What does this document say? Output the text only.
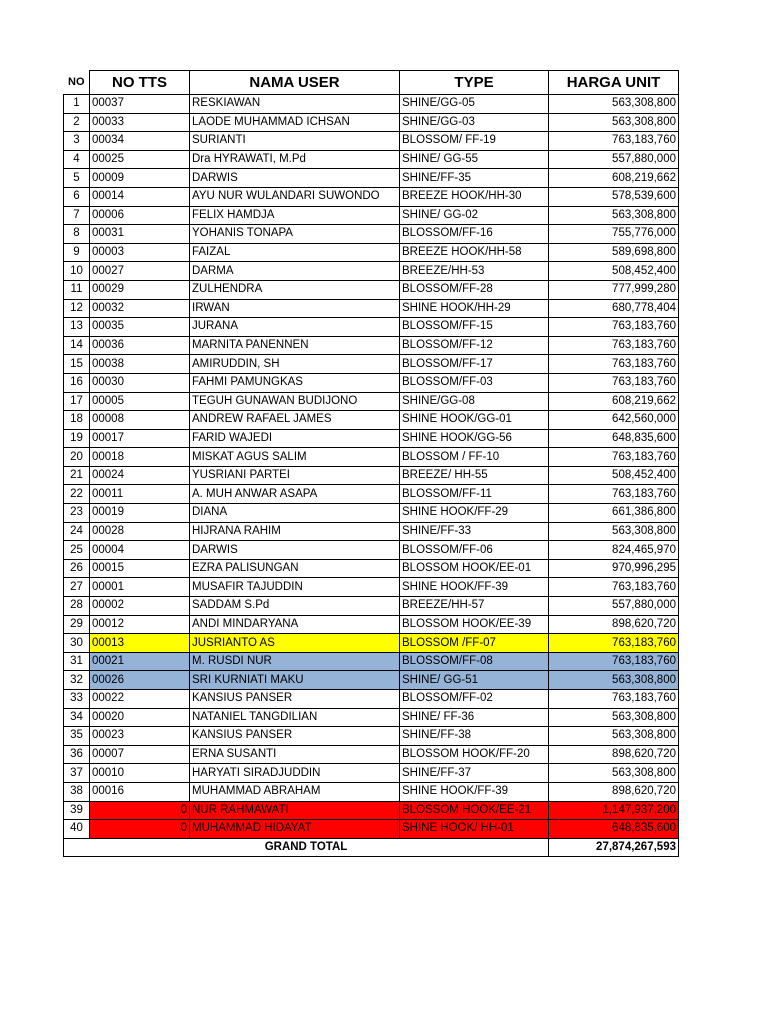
NO	NO TTS	NAMA USER	TYPE	HARGA UNIT
1	00037	RESKIAWAN	SHINE/GG-05	563,308,800
2	00033	LAODE MUHAMMAD ICHSAN	SHINE/GG-03	563,308,800
3	00034	SURIANTI	BLOSSOM/ FF-19	763,183,760
4	00025	Dra HYRAWATI, M.Pd	SHINE/ GG-55	557,880,000
5	00009	DARWIS	SHINE/FF-35	608,219,662
6	00014	AYU NUR WULANDARI SUWONDO	BREEZE HOOK/HH-30	578,539,600
7	00006	FELIX HAMDJA	SHINE/ GG-02	563,308,800
8	00031	YOHANIS TONAPA	BLOSSOM/FF-16	755,776,000
9	00003	FAIZAL	BREEZE HOOK/HH-58	589,698,800
10	00027	DARMA	BREEZE/HH-53	508,452,400
11	00029	ZULHENDRA	BLOSSOM/FF-28	777,999,280
12	00032	IRWAN	SHINE HOOK/HH-29	680,778,404
13	00035	JURANA	BLOSSOM/FF-15	763,183,760
14	00036	MARNITA PANENNEN	BLOSSOM/FF-12	763,183,760
15	00038	AMIRUDDIN, SH	BLOSSOM/FF-17	763,183,760
16	00030	FAHMI PAMUNGKAS	BLOSSOM/FF-03	763,183,760
17	00005	TEGUH GUNAWAN BUDIJONO	SHINE/GG-08	608,219,662
18	00008	ANDREW RAFAEL JAMES	SHINE HOOK/GG-01	642,560,000
19	00017	FARID WAJEDI	SHINE HOOK/GG-56	648,835,600
20	00018	MISKAT AGUS SALIM	BLOSSOM / FF-10	763,183,760
21	00024	YUSRIANI PARTEI	BREEZE/ HH-55	508,452,400
22	00011	A. MUH ANWAR ASAPA	BLOSSOM/FF-11	763,183,760
23	00019	DIANA	SHINE HOOK/FF-29	661,386,800
24	00028	HIJRANA RAHIM	SHINE/FF-33	563,308,800
25	00004	DARWIS	BLOSSOM/FF-06	824,465,970
26	00015	EZRA PALISUNGAN	BLOSSOM HOOK/EE-01	970,996,295
27	00001	MUSAFIR TAJUDDIN	SHINE HOOK/FF-39	763,183,760
28	00002	SADDAM S.Pd	BREEZE/HH-57	557,880,000
29	00012	ANDI MINDARYANA	BLOSSOM HOOK/EE-39	898,620,720
30	00013	JUSRIANTO AS	BLOSSOM /FF-07	763,183,760
31	00021	M. RUSDI NUR	BLOSSOM/FF-08	763,183,760
32	00026	SRI KURNIATI MAKU	SHINE/ GG-51	563,308,800
33	00022	KANSIUS PANSER	BLOSSOM/FF-02	763,183,760
34	00020	NATANIEL TANGDILIAN	SHINE/ FF-36	563,308,800
35	00023	KANSIUS PANSER	SHINE/FF-38	563,308,800
36	00007	ERNA SUSANTI	BLOSSOM HOOK/FF-20	898,620,720
37	00010	HARYATI SIRADJUDDIN	SHINE/FF-37	563,308,800
38	00016	MUHAMMAD ABRAHAM	SHINE HOOK/FF-39	898,620,720
39	0	NUR RAHMAWATI	BLOSSOM HOOK/EE-21	1,147,937,200
40	0	MUHAMMAD HIDAYAT	SHINE HOOK/ HH-01	648,835,600
GRAND TOTAL				27,874,267,593
